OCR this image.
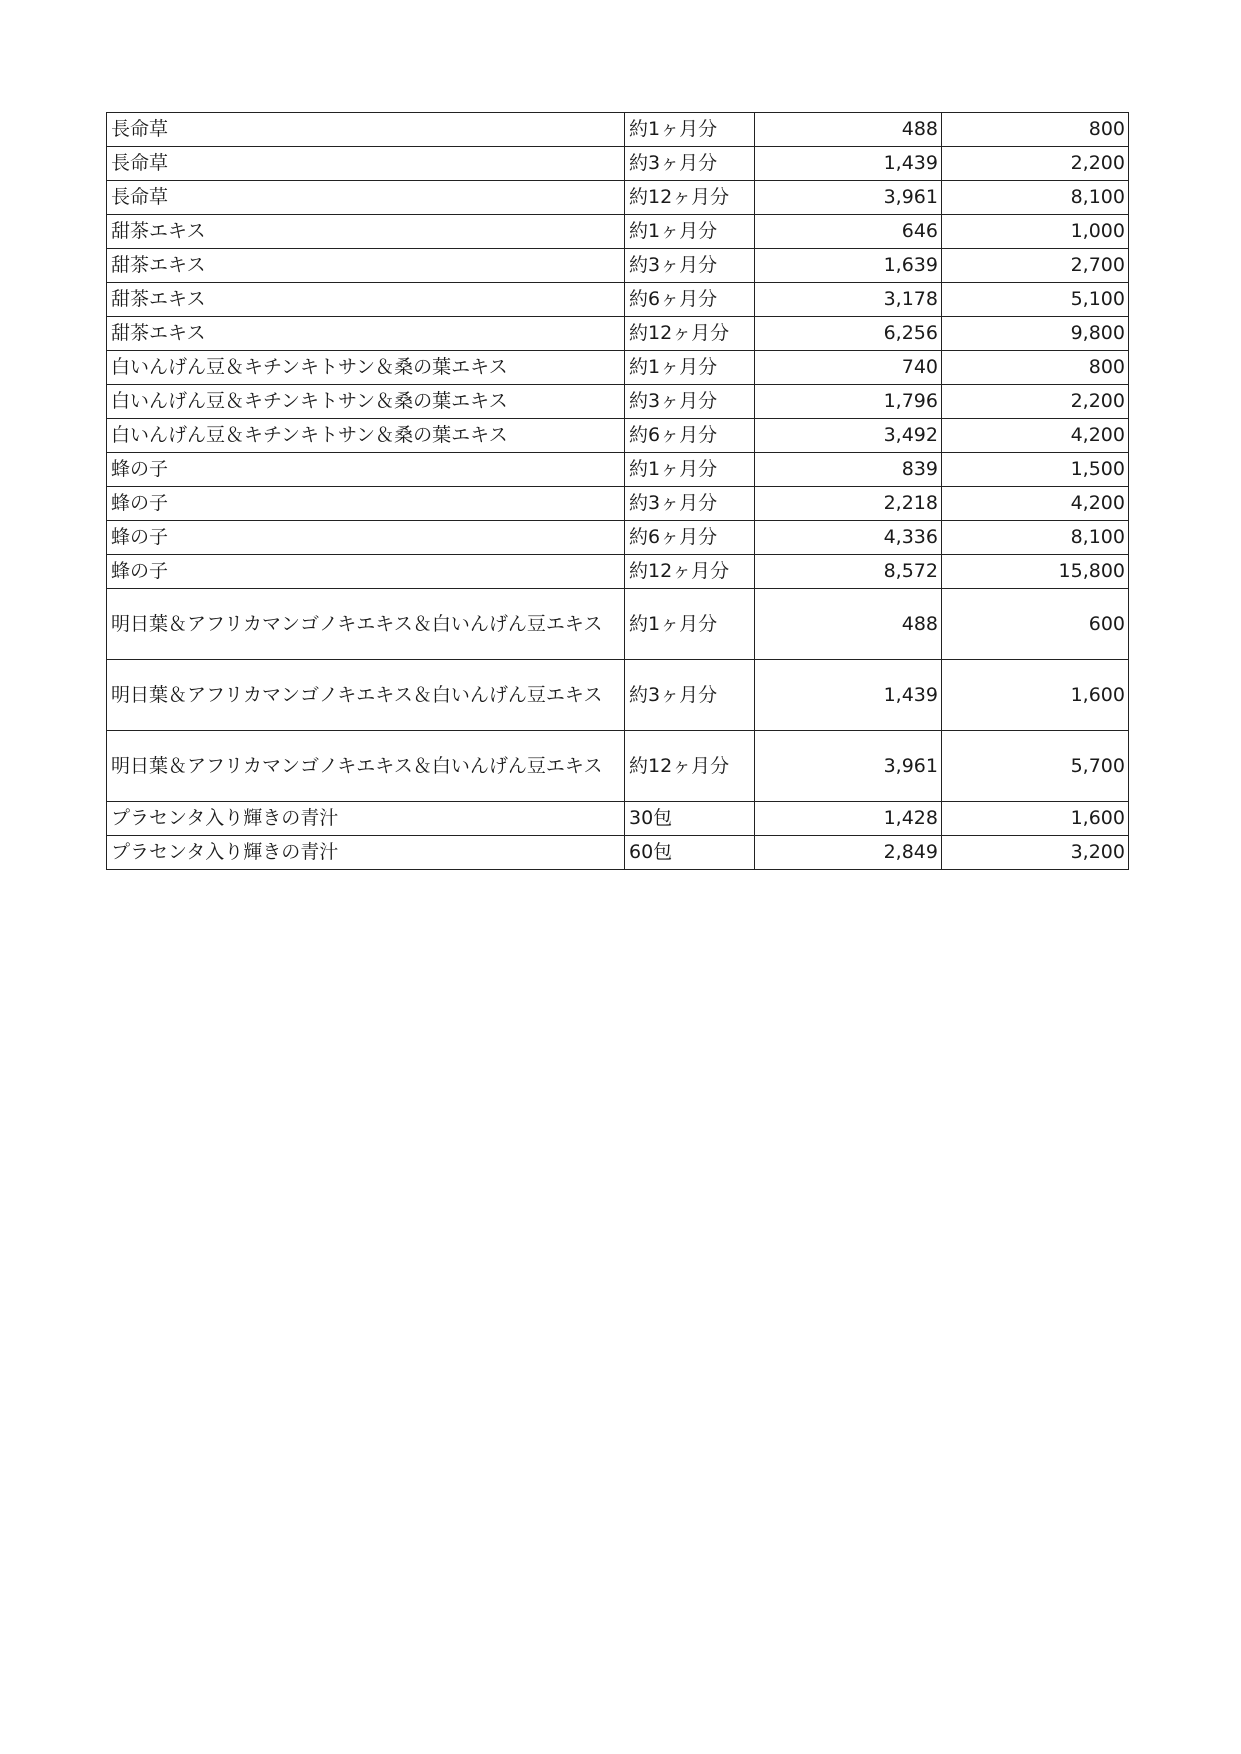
長命草	約1ヶ月分	488	800
長命草	約3ヶ月分	1,439	2,200
長命草	約12ヶ月分	3,961	8,100
甜茶エキス	約1ヶ月分	646	1,000
甜茶エキス	約3ヶ月分	1,639	2,700
甜茶エキス	約6ヶ月分	3,178	5,100
甜茶エキス	約12ヶ月分	6,256	9,800
白いんげん豆＆キチンキトサン＆桑の葉エキス	約1ヶ月分	740	800
白いんげん豆＆キチンキトサン＆桑の葉エキス	約3ヶ月分	1,796	2,200
白いんげん豆＆キチンキトサン＆桑の葉エキス	約6ヶ月分	3,492	4,200
蜂の子	約1ヶ月分	839	1,500
蜂の子	約3ヶ月分	2,218	4,200
蜂の子	約6ヶ月分	4,336	8,100
蜂の子	約12ヶ月分	8,572	15,800
明日葉＆アフリカマンゴノキエキス＆白いんげん豆エキス	約1ヶ月分	488	600
明日葉＆アフリカマンゴノキエキス＆白いんげん豆エキス	約3ヶ月分	1,439	1,600
明日葉＆アフリカマンゴノキエキス＆白いんげん豆エキス	約12ヶ月分	3,961	5,700
プラセンタ入り輝きの青汁	30包	1,428	1,600
プラセンタ入り輝きの青汁	60包	2,849	3,200
